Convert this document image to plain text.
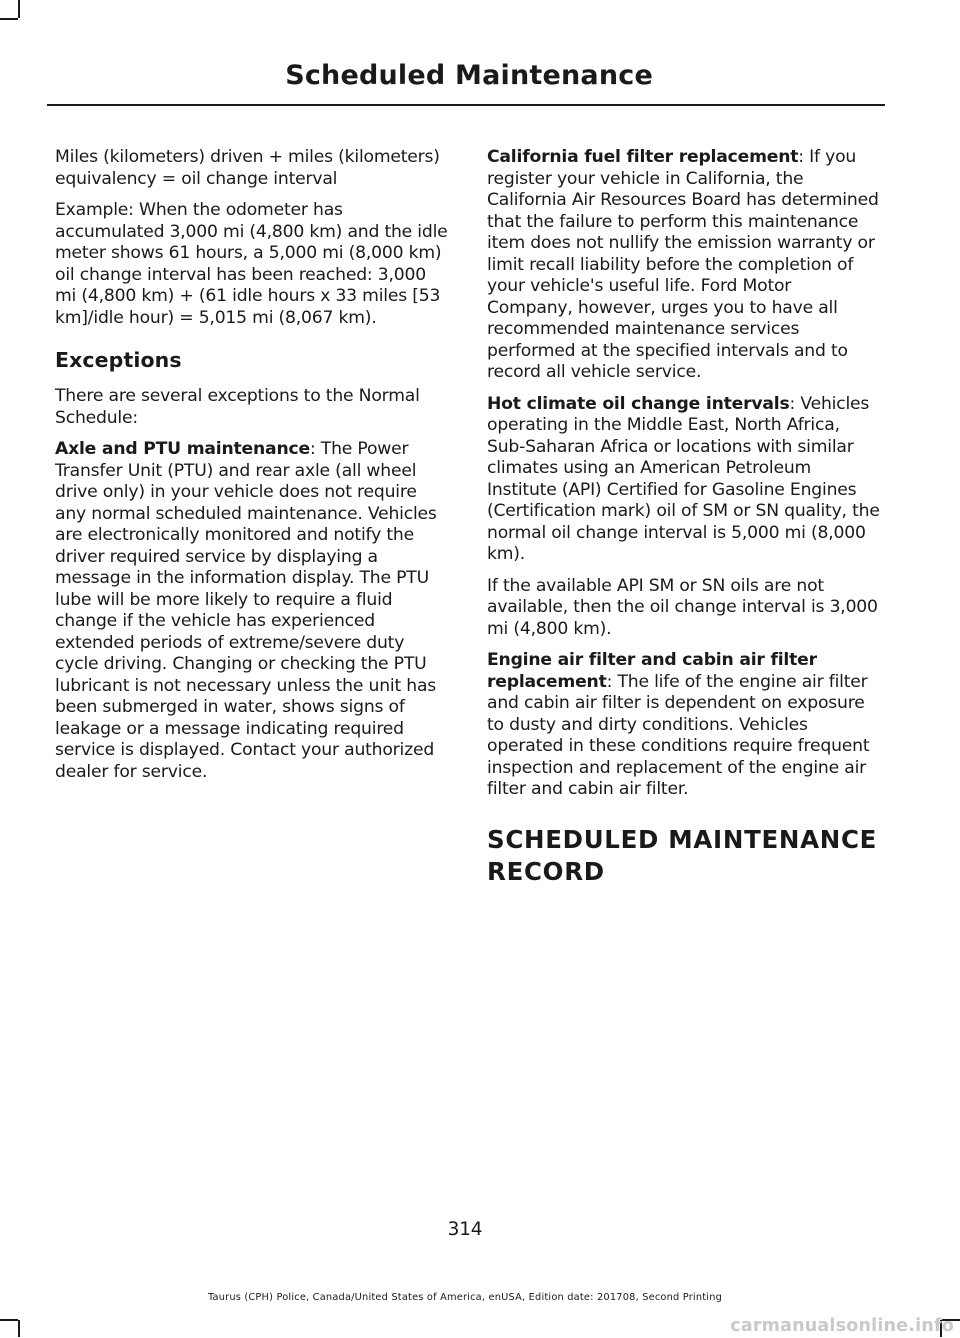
Scheduled Maintenance

Miles (kilometers) driven + miles (kilometers) equivalency = oil change interval

Example: When the odometer has accumulated 3,000 mi (4,800 km) and the idle meter shows 61 hours, a 5,000 mi (8,000 km) oil change interval has been reached: 3,000 mi (4,800 km) + (61 idle hours x 33 miles [53 km]/idle hour) = 5,015 mi (8,067 km).

Exceptions

There are several exceptions to the Normal Schedule:

Axle and PTU maintenance: The Power Transfer Unit (PTU) and rear axle (all wheel drive only) in your vehicle does not require any normal scheduled maintenance. Vehicles are electronically monitored and notify the driver required service by displaying a message in the information display. The PTU lube will be more likely to require a fluid change if the vehicle has experienced extended periods of extreme/severe duty cycle driving. Changing or checking the PTU lubricant is not necessary unless the unit has been submerged in water, shows signs of leakage or a message indicating required service is displayed. Contact your authorized dealer for service.

California fuel filter replacement: If you register your vehicle in California, the California Air Resources Board has determined that the failure to perform this maintenance item does not nullify the emission warranty or limit recall liability before the completion of your vehicle's useful life. Ford Motor Company, however, urges you to have all recommended maintenance services performed at the specified intervals and to record all vehicle service.

Hot climate oil change intervals: Vehicles operating in the Middle East, North Africa, Sub-Saharan Africa or locations with similar climates using an American Petroleum Institute (API) Certified for Gasoline Engines (Certification mark) oil of SM or SN quality, the normal oil change interval is 5,000 mi (8,000 km).

If the available API SM or SN oils are not available, then the oil change interval is 3,000 mi (4,800 km).

Engine air filter and cabin air filter replacement: The life of the engine air filter and cabin air filter is dependent on exposure to dusty and dirty conditions. Vehicles operated in these conditions require frequent inspection and replacement of the engine air filter and cabin air filter.

SCHEDULED MAINTENANCE
RECORD

314

Taurus (CPH) Police, Canada/United States of America, enUSA, Edition date: 201708, Second Printing

carmanualsonline.info
